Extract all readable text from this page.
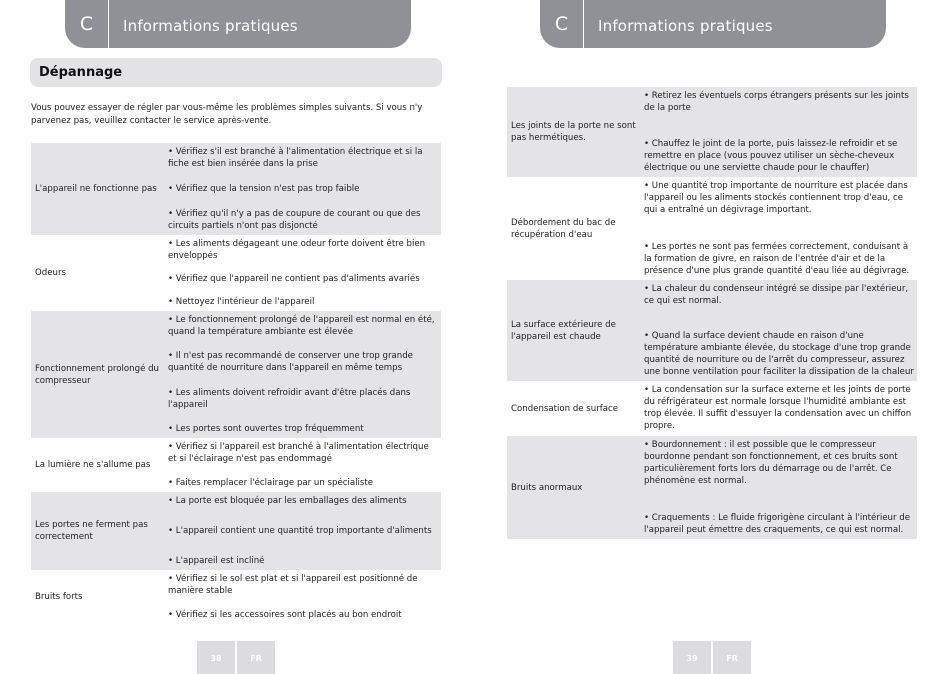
C	Informations pratiques
Dépannage
Vous pouvez essayer de régler par vous-même les problèmes simples suivants. Si vous n'y parvenez pas, veuillez contacter le service après-vente.
L'appareil ne fonctionne pas
• Vérifiez s'il est branché à l'alimentation électrique et si la fiche est bien insérée dans la prise
• Vérifiez que la tension n'est pas trop faible
• Vérifiez qu'il n'y a pas de coupure de courant ou que des circuits partiels n'ont pas disjoncté
Odeurs
• Les aliments dégageant une odeur forte doivent être bien enveloppés
• Vérifiez que l'appareil ne contient pas d'aliments avariés
• Nettoyez l'intérieur de l'appareil
Fonctionnement prolongé du compresseur
• Le fonctionnement prolongé de l'appareil est normal en été, quand la température ambiante est élevée
• Il n'est pas recommandé de conserver une trop grande quantité de nourriture dans l'appareil en même temps
• Les aliments doivent refroidir avant d'être placés dans l'appareil
• Les portes sont ouvertes trop fréquemment
La lumière ne s'allume pas
• Vérifiez si l'appareil est branché à l'alimentation électrique et si l'éclairage n'est pas endommagé
• Faites remplacer l'éclairage par un spécialiste
Les portes ne ferment pas correctement
• La porte est bloquée par les emballages des aliments
• L'appareil contient une quantité trop importante d'aliments
• L'appareil est incliné
Bruits forts
• Vérifiez si le sol est plat et si l'appareil est positionné de manière stable
• Vérifiez si les accessoires sont placés au bon endroit
38	FR
C	Informations pratiques
Les joints de la porte ne sont pas hermétiques.
• Retirez les éventuels corps étrangers présents sur les joints de la porte
• Chauffez le joint de la porte, puis laissez-le refroidir et se remettre en place (vous pouvez utiliser un sèche-cheveux électrique ou une serviette chaude pour le chauffer)
Débordement du bac de récupération d'eau
• Une quantité trop importante de nourriture est placée dans l'appareil ou les aliments stockés contiennent trop d'eau, ce qui a entraîné un dégivrage important.
• Les portes ne sont pas fermées correctement, conduisant à la formation de givre, en raison de l'entrée d'air et de la présence d'une plus grande quantité d'eau liée au dégivrage.
La surface extérieure de l'appareil est chaude
• La chaleur du condenseur intégré se dissipe par l'extérieur, ce qui est normal.
• Quand la surface devient chaude en raison d'une température ambiante élevée, du stockage d'une trop grande quantité de nourriture ou de l'arrêt du compresseur, assurez une bonne ventilation pour faciliter la dissipation de la chaleur
Condensation de surface
• La condensation sur la surface externe et les joints de porte du réfrigérateur est normale lorsque l'humidité ambiante est trop élevée. Il suffit d'essuyer la condensation avec un chiffon propre.
Bruits anormaux
• Bourdonnement : il est possible que le compresseur bourdonne pendant son fonctionnement, et ces bruits sont particulièrement forts lors du démarrage ou de l'arrêt. Ce phénomène est normal.
• Craquements : Le fluide frigorigène circulant à l'intérieur de l'appareil peut émettre des craquements, ce qui est normal.
39	FR
